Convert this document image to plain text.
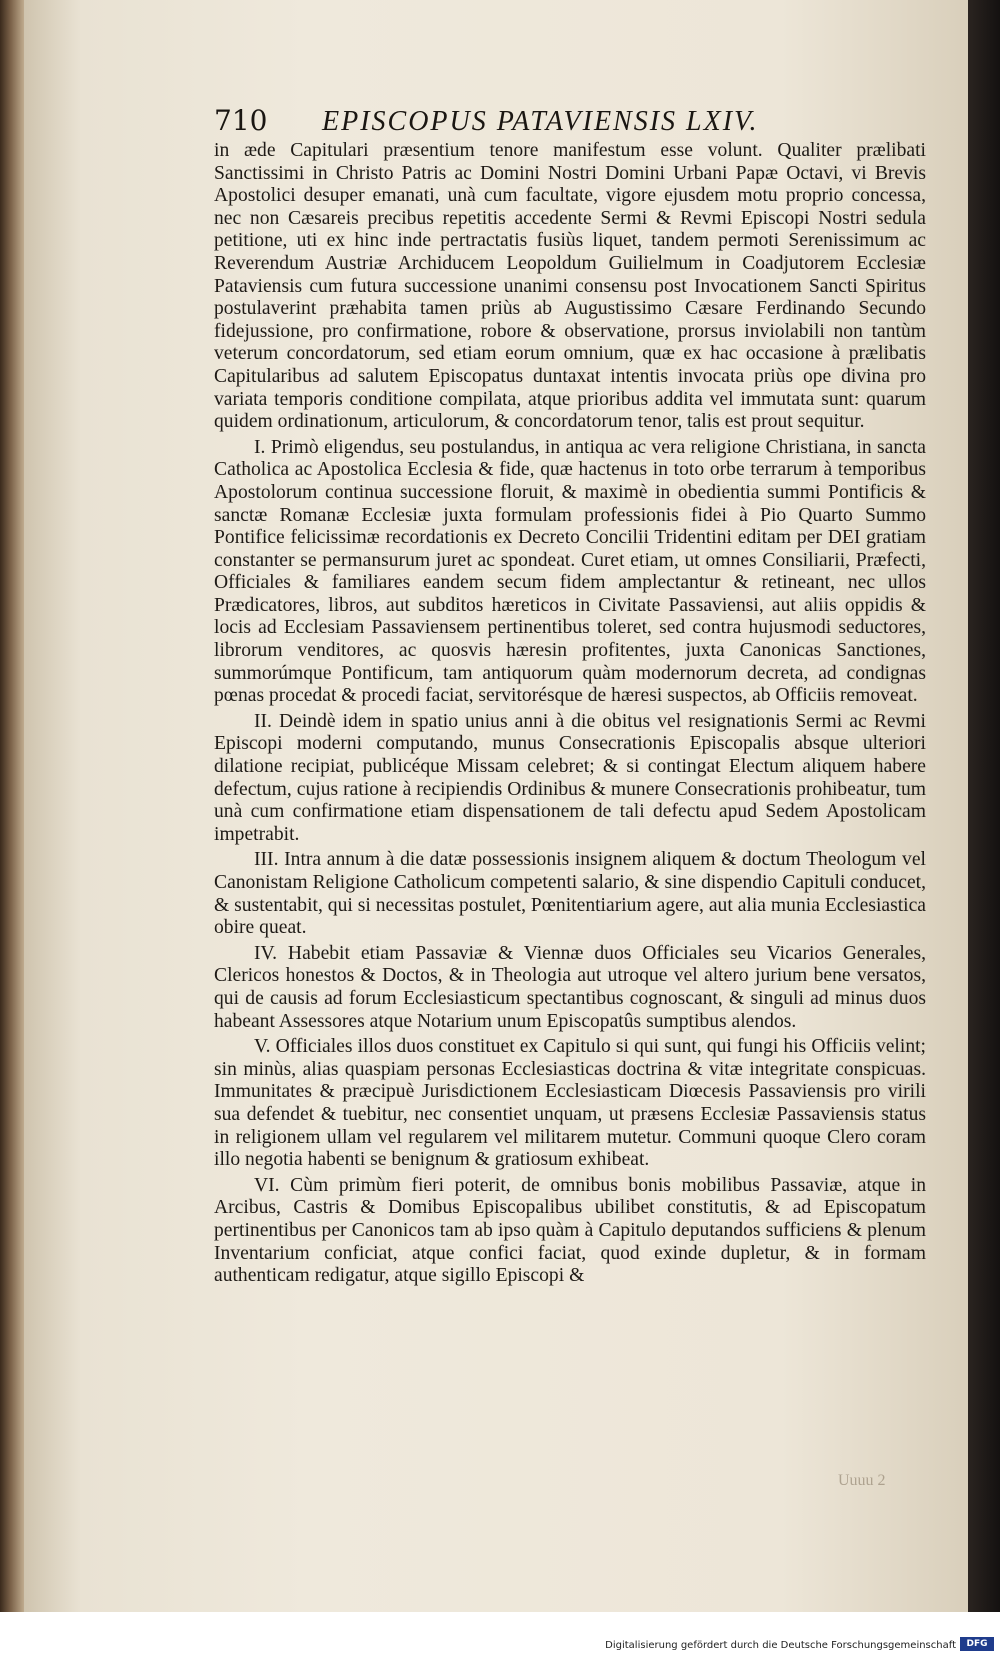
710 EPISCOPUS PATAVIENSIS LXIV.

in æde Capitulari præsentium tenore manifestum esse volunt. Qualiter prælibati Sanctissimi in Christo Patris ac Domini Nostri Domini Urbani Papæ Octavi, vi Brevis Apostolici desuper emanati, unà cum facultate, vigore ejusdem motu proprio concessa, nec non Cæsareis precibus repetitis accedente Sermi & Revmi Episcopi Nostri sedula petitione, uti ex hinc inde pertractatis fusiùs liquet, tandem permoti Serenissimum ac Reverendum Austriæ Archiducem Leopoldum Guilielmum in Coadjutorem Ecclesiæ Pataviensis cum futura successione unanimi consensu post Invocationem Sancti Spiritus postulaverint præhabita tamen priùs ab Augustissimo Cæsare Ferdinando Secundo fidejussione, pro confirmatione, robore & observatione, prorsus inviolabili non tantùm veterum concordatorum, sed etiam eorum omnium, quæ ex hac occasione à prælibatis Capitularibus ad salutem Episcopatus duntaxat intentis invocata priùs ope divina pro variata temporis conditione compilata, atque prioribus addita vel immutata sunt: quarum quidem ordinationum, articulorum, & concordatorum tenor, talis est prout sequitur.

I. Primò eligendus, seu postulandus, in antiqua ac vera religione Christiana, in sancta Catholica ac Apostolica Ecclesia & fide, quæ hactenus in toto orbe terrarum à temporibus Apostolorum continua successione floruit, & maximè in obedientia summi Pontificis & sanctæ Romanæ Ecclesiæ juxta formulam professionis fidei à Pio Quarto Summo Pontifice felicissimæ recordationis ex Decreto Concilii Tridentini editam per DEI gratiam constanter se permansurum juret ac spondeat. Curet etiam, ut omnes Consiliarii, Præfecti, Officiales & familiares eandem secum fidem amplectantur & retineant, nec ullos Prædicatores, libros, aut subditos hæreticos in Civitate Passaviensi, aut aliis oppidis & locis ad Ecclesiam Passaviensem pertinentibus toleret, sed contra hujusmodi seductores, librorum venditores, ac quosvis hæresin profitentes, juxta Canonicas Sanctiones, summorúmque Pontificum, tam antiquorum quàm modernorum decreta, ad condignas pœnas procedat & procedi faciat, servitorésque de hæresi suspectos, ab Officiis removeat.

II. Deindè idem in spatio unius anni à die obitus vel resignationis Sermi ac Revmi Episcopi moderni computando, munus Consecrationis Episcopalis absque ulteriori dilatione recipiat, publicéque Missam celebret; & si contingat Electum aliquem habere defectum, cujus ratione à recipiendis Ordinibus & munere Consecrationis prohibeatur, tum unà cum confirmatione etiam dispensationem de tali defectu apud Sedem Apostolicam impetrabit.

III. Intra annum à die datæ possessionis insignem aliquem & doctum Theologum vel Canonistam Religione Catholicum competenti salario, & sine dispendio Capituli conducet, & sustentabit, qui si necessitas postulet, Pœnitentiarium agere, aut alia munia Ecclesiastica obire queat.

IV. Habebit etiam Passaviæ & Viennæ duos Officiales seu Vicarios Generales, Clericos honestos & Doctos, & in Theologia aut utroque vel altero jurium bene versatos, qui de causis ad forum Ecclesiasticum spectantibus cognoscant, & singuli ad minus duos habeant Assessores atque Notarium unum Episcopatûs sumptibus alendos.

V. Officiales illos duos constituet ex Capitulo si qui sunt, qui fungi his Officiis velint; sin minùs, alias quaspiam personas Ecclesiasticas doctrina & vitæ integritate conspicuas. Immunitates & præcipuè Jurisdictionem Ecclesiasticam Diœcesis Passaviensis pro virili sua defendet & tuebitur, nec consentiet unquam, ut præsens Ecclesiæ Passaviensis status in religionem ullam vel regularem vel militarem mutetur. Communi quoque Clero coram illo negotia habenti se benignum & gratiosum exhibeat.

VI. Cùm primùm fieri poterit, de omnibus bonis mobilibus Passaviæ, atque in Arcibus, Castris & Domibus Episcopalibus ubilibet constitutis, & ad Episcopatum pertinentibus per Canonicos tam ab ipso quàm à Capitulo deputandos sufficiens & plenum Inventarium conficiat, atque confici faciat, quod exinde dupletur, & in formam authenticam redigatur, atque sigillo Episcopi &

Uuuu 2
Digitalisierung gefördert durch die Deutsche Forschungsgemeinschaft	DFG
